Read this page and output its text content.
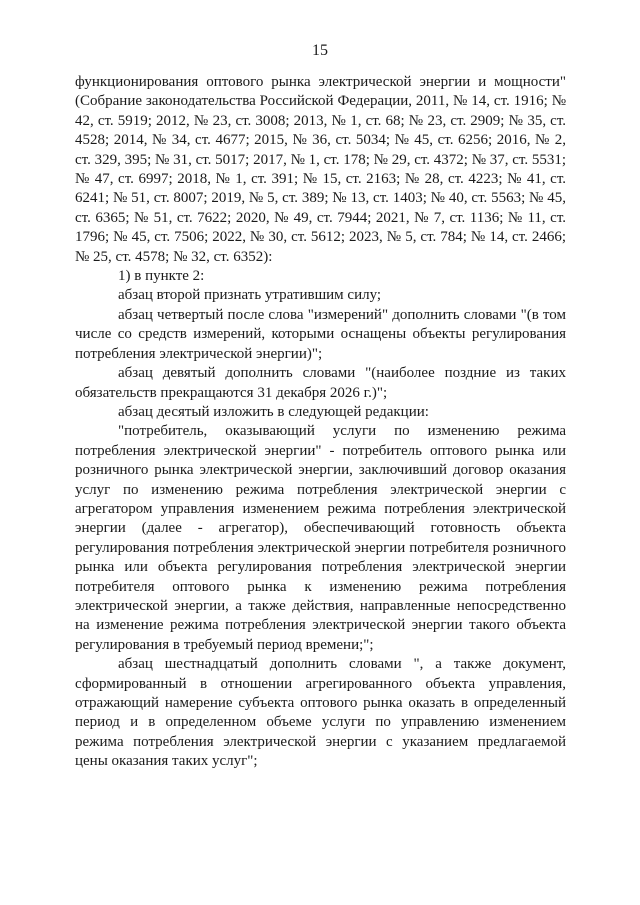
15

функционирования оптового рынка электрической энергии и мощности" (Собрание законодательства Российской Федерации, 2011, № 14, ст. 1916; № 42, ст. 5919; 2012, № 23, ст. 3008; 2013, № 1, ст. 68; № 23, ст. 2909; № 35, ст. 4528; 2014, № 34, ст. 4677; 2015, № 36, ст. 5034; № 45, ст. 6256; 2016, № 2, ст. 329, 395; № 31, ст. 5017; 2017, № 1, ст. 178; № 29, ст. 4372; № 37, ст. 5531; № 47, ст. 6997; 2018, № 1, ст. 391; № 15, ст. 2163; № 28, ст. 4223; № 41, ст. 6241; № 51, ст. 8007; 2019, № 5, ст. 389; № 13, ст. 1403; № 40, ст. 5563; № 45, ст. 6365; № 51, ст. 7622; 2020, № 49, ст. 7944; 2021, № 7, ст. 1136; № 11, ст. 1796; № 45, ст. 7506; 2022, № 30, ст. 5612; 2023, № 5, ст. 784; № 14, ст. 2466; № 25, ст. 4578; № 32, ст. 6352):

1) в пункте 2:

абзац второй признать утратившим силу;

абзац четвертый после слова "измерений" дополнить словами "(в том числе со средств измерений, которыми оснащены объекты регулирования потребления электрической энергии)";

абзац девятый дополнить словами "(наиболее поздние из таких обязательств прекращаются 31 декабря 2026 г.)";

абзац десятый изложить в следующей редакции:

"потребитель, оказывающий услуги по изменению режима потребления электрической энергии" - потребитель оптового рынка или розничного рынка электрической энергии, заключивший договор оказания услуг по изменению режима потребления электрической энергии с агрегатором управления изменением режима потребления электрической энергии (далее - агрегатор), обеспечивающий готовность объекта регулирования потребления электрической энергии потребителя розничного рынка или объекта регулирования потребления электрической энергии потребителя оптового рынка к изменению режима потребления электрической энергии, а также действия, направленные непосредственно на изменение режима потребления электрической энергии такого объекта регулирования в требуемый период времени;";

абзац шестнадцатый дополнить словами ", а также документ, сформированный в отношении агрегированного объекта управления, отражающий намерение субъекта оптового рынка оказать в определенный период и в определенном объеме услуги по управлению изменением режима потребления электрической энергии с указанием предлагаемой цены оказания таких услуг";
